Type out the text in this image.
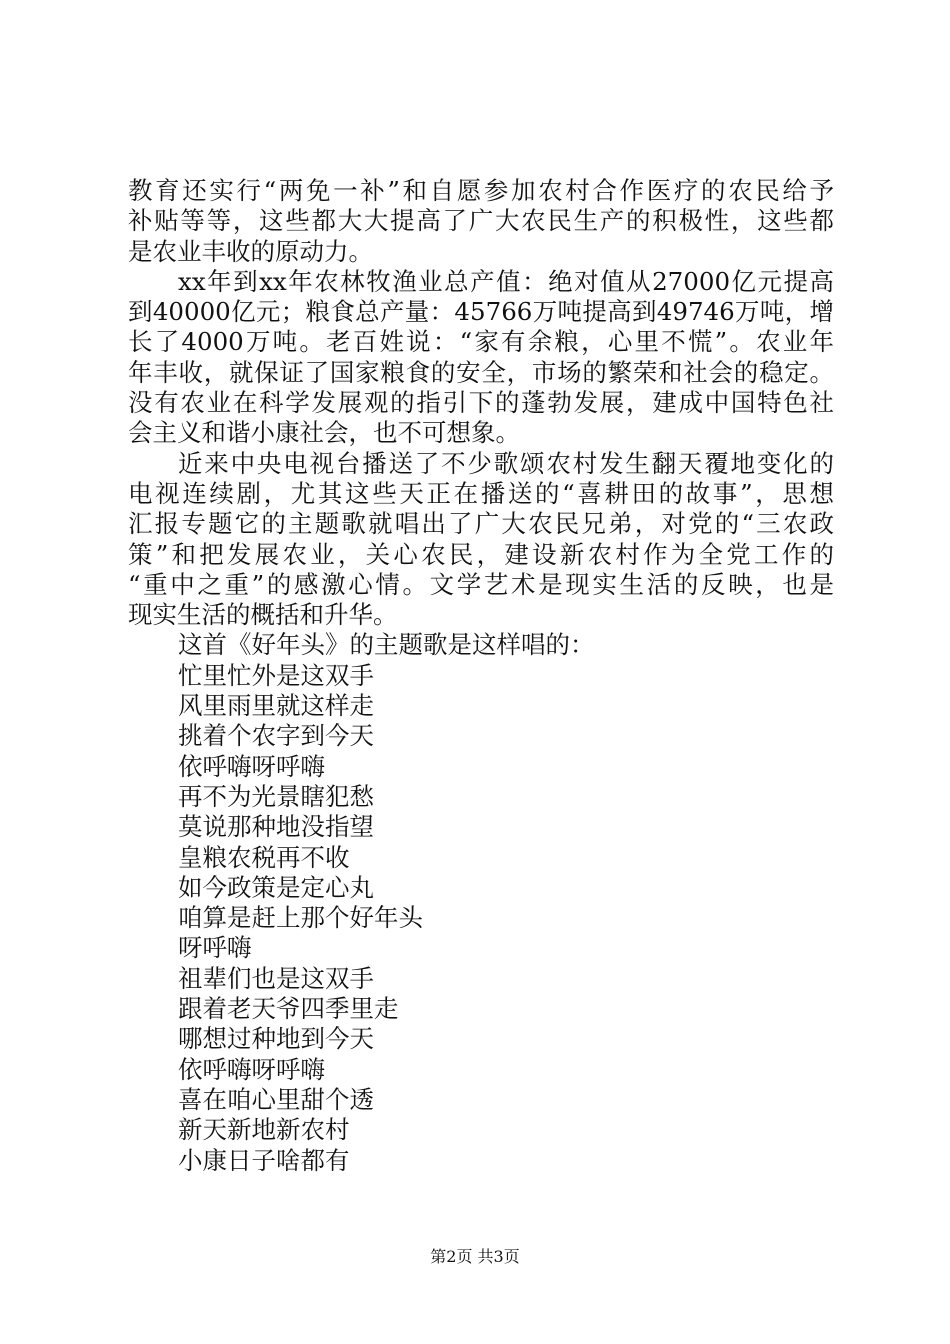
教育还实行“两免一补”和自愿参加农村合作医疗的农民给予
补贴等等，这些都大大提高了广大农民生产的积极性，这些都
是农业丰收的原动力。
xx年到xx年农林牧渔业总产值：绝对值从27000亿元提高
到40000亿元；粮食总产量：45766万吨提高到49746万吨，增
长了4000万吨。老百姓说：“家有余粮，心里不慌”。农业年
年丰收，就保证了国家粮食的安全，市场的繁荣和社会的稳定。
没有农业在科学发展观的指引下的蓬勃发展，建成中国特色社
会主义和谐小康社会，也不可想象。
近来中央电视台播送了不少歌颂农村发生翻天覆地变化的
电视连续剧，尤其这些天正在播送的“喜耕田的故事”，思想
汇报专题它的主题歌就唱出了广大农民兄弟，对党的“三农政
策”和把发展农业，关心农民，建设新农村作为全党工作的
“重中之重”的感激心情。文学艺术是现实生活的反映，也是
现实生活的概括和升华。
这首《好年头》的主题歌是这样唱的：
忙里忙外是这双手
风里雨里就这样走
挑着个农字到今天
依呼嗨呀呼嗨
再不为光景瞎犯愁
莫说那种地没指望
皇粮农税再不收
如今政策是定心丸
咱算是赶上那个好年头
呀呼嗨
祖辈们也是这双手
跟着老天爷四季里走
哪想过种地到今天
依呼嗨呀呼嗨
喜在咱心里甜个透
新天新地新农村
小康日子啥都有
第2页 共3页
